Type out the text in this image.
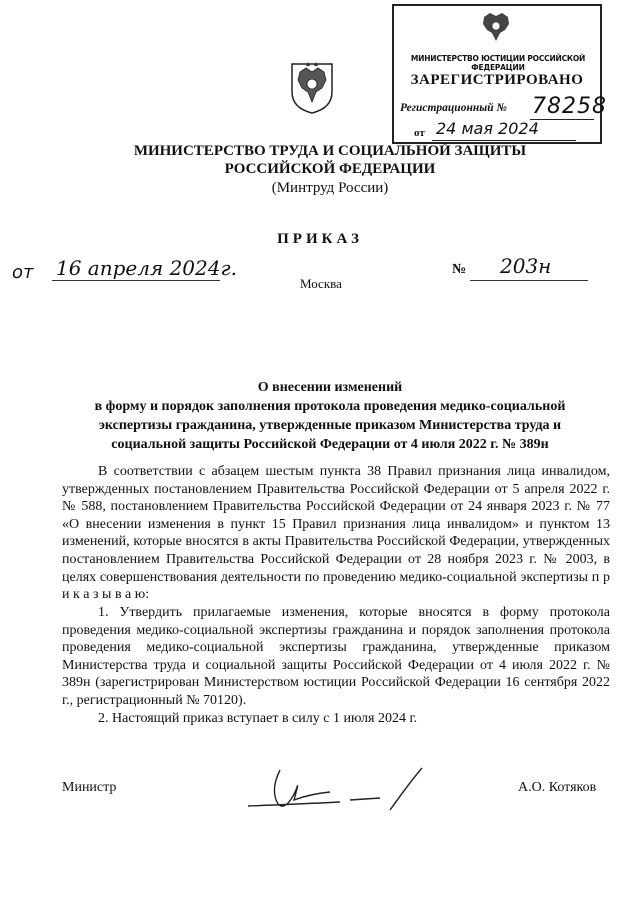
МИНИСТЕРСТВО ЮСТИЦИИ РОССИЙСКОЙ ФЕДЕРАЦИИ
ЗАРЕГИСТРИРОВАНО
Регистрационный № 78258
от 24 мая 2024
МИНИСТЕРСТВО ТРУДА И СОЦИАЛЬНОЙ ЗАЩИТЫ
РОССИЙСКОЙ ФЕДЕРАЦИИ
(Минтруд России)
ПРИКАЗ
от 16 апреля 2024г.
Москва
№ 203н
О внесении изменений
в форму и порядок заполнения протокола проведения медико-социальной
экспертизы гражданина, утвержденные приказом Министерства труда и
социальной защиты Российской Федерации от 4 июля 2022 г. № 389н
В соответствии с абзацем шестым пункта 38 Правил признания лица инвалидом, утвержденных постановлением Правительства Российской Федерации от 5 апреля 2022 г. № 588, постановлением Правительства Российской Федерации от 24 января 2023 г. № 77 «О внесении изменения в пункт 15 Правил признания лица инвалидом» и пунктом 13 изменений, которые вносятся в акты Правительства Российской Федерации, утвержденных постановлением Правительства Российской Федерации от 28 ноября 2023 г. № 2003, в целях совершенствования деятельности по проведению медико-социальной экспертизы п р и к а з ы в а ю:
1. Утвердить прилагаемые изменения, которые вносятся в форму протокола проведения медико-социальной экспертизы гражданина и порядок заполнения протокола проведения медико-социальной экспертизы гражданина, утвержденные приказом Министерства труда и социальной защиты Российской Федерации от 4 июля 2022 г. № 389н (зарегистрирован Министерством юстиции Российской Федерации 16 сентября 2022 г., регистрационный № 70120).
2. Настоящий приказ вступает в силу с 1 июля 2024 г.
Министр	А.О. Котяков
